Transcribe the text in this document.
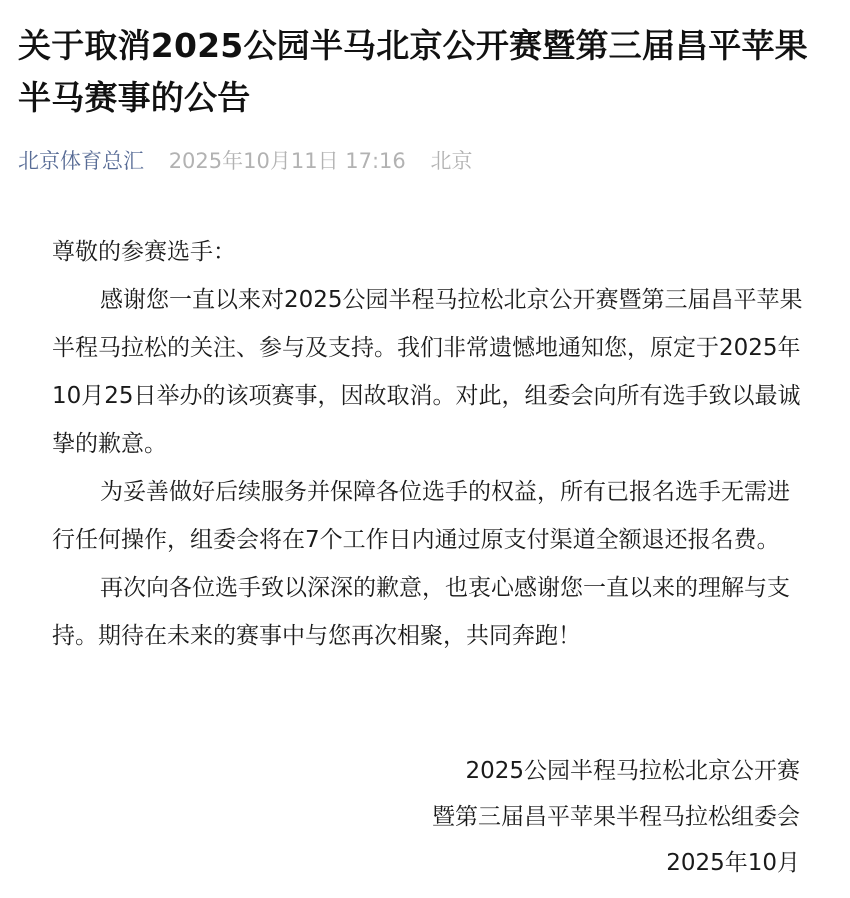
关于取消2025公园半马北京公开赛暨第三届昌平苹果半马赛事的公告
北京体育总汇 2025年10月11日 17:16 北京

尊敬的参赛选手：

感谢您一直以来对2025公园半程马拉松北京公开赛暨第三届昌平苹果半程马拉松的关注、参与及支持。我们非常遗憾地通知您，原定于2025年10月25日举办的该项赛事，因故取消。对此，组委会向所有选手致以最诚挚的歉意。

为妥善做好后续服务并保障各位选手的权益，所有已报名选手无需进行任何操作，组委会将在7个工作日内通过原支付渠道全额退还报名费。

再次向各位选手致以深深的歉意，也衷心感谢您一直以来的理解与支持。期待在未来的赛事中与您再次相聚，共同奔跑！

2025公园半程马拉松北京公开赛
暨第三届昌平苹果半程马拉松组委会
2025年10月
